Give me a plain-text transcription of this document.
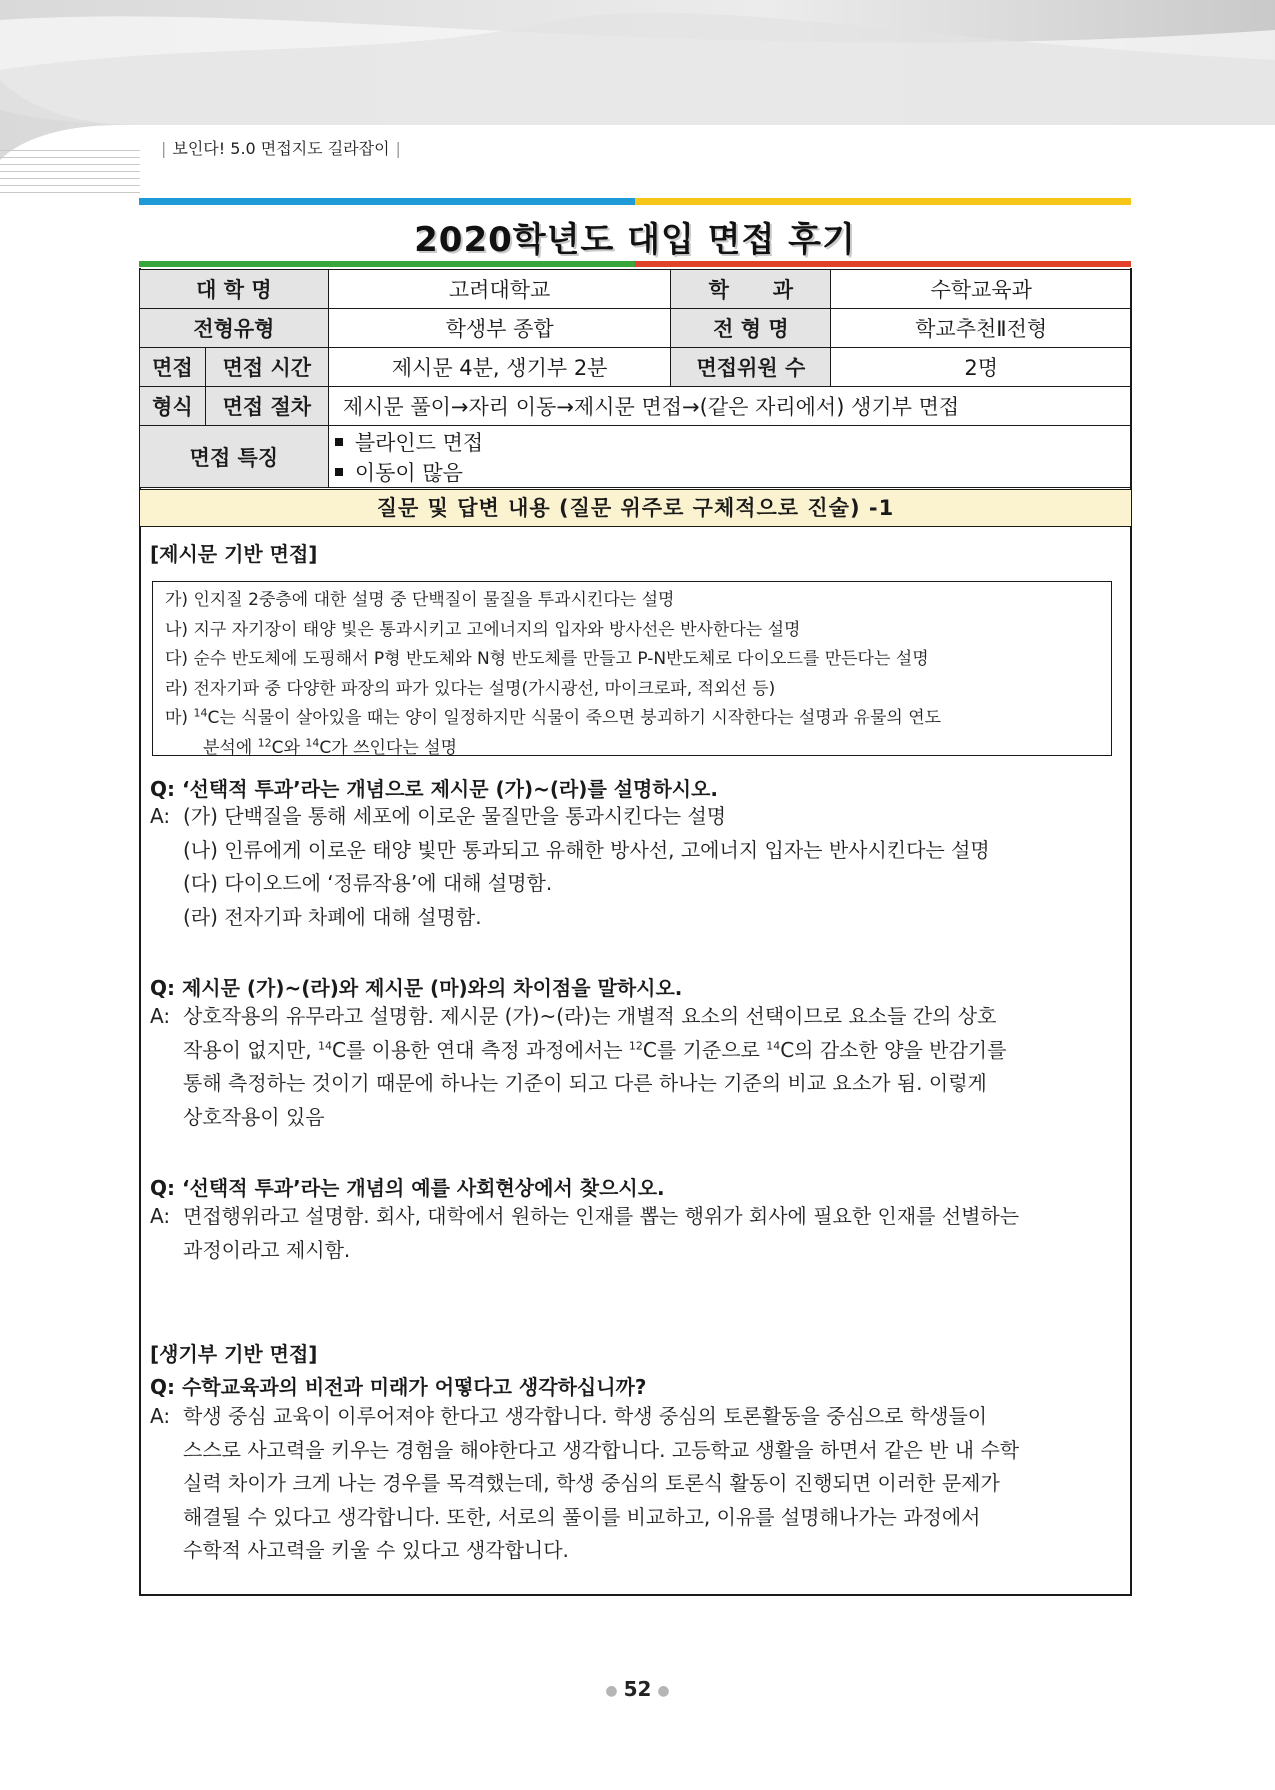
| 보인다! 5.0 면접지도 길라잡이 |
2020학년도 대입 면접 후기
대 학 명		고려대학교	학      과	수학교육과
전형유형		학생부 종합	전 형 명	학교추천Ⅱ전형
면접	면접 시간	제시문 4분, 생기부 2분	면접위원 수	2명
형식	면접 절차	제시문 풀이→자리 이동→제시문 면접→(같은 자리에서) 생기부 면접		
면접 특징		블라인드 면접
이동이 많음		
질문 및 답변 내용 (질문 위주로 구체적으로 진술) -1
[제시문 기반 면접]
가) 인지질 2중층에 대한 설명 중 단백질이 물질을 투과시킨다는 설명
나) 지구 자기장이 태양 빛은 통과시키고 고에너지의 입자와 방사선은 반사한다는 설명
다) 순수 반도체에 도핑해서 P형 반도체와 N형 반도체를 만들고 P-N반도체로 다이오드를 만든다는 설명
라) 전자기파 중 다양한 파장의 파가 있다는 설명(가시광선, 마이크로파, 적외선 등)
마) $^{14}$C는 식물이 살아있을 때는 양이 일정하지만 식물이 죽으면 붕괴하기 시작한다는 설명과 유물의 연도
분석에 $^{12}$C와 $^{14}$C가 쓰인다는 설명
Q: ‘선택적 투과’라는 개념으로 제시문 (가)~(라)를 설명하시오.
A: (가) 단백질을 통해 세포에 이로운 물질만을 통과시킨다는 설명
(나) 인류에게 이로운 태양 빛만 통과되고 유해한 방사선, 고에너지 입자는 반사시킨다는 설명
(다) 다이오드에 ‘정류작용’에 대해 설명함.
(라) 전자기파 차폐에 대해 설명함.
Q: 제시문 (가)~(라)와 제시문 (마)와의 차이점을 말하시오.
A: 상호작용의 유무라고 설명함. 제시문 (가)~(라)는 개별적 요소의 선택이므로 요소들 간의 상호
작용이 없지만, $^{14}$C를 이용한 연대 측정 과정에서는 $^{12}$C를 기준으로 $^{14}$C의 감소한 양을 반감기를
통해 측정하는 것이기 때문에 하나는 기준이 되고 다른 하나는 기준의 비교 요소가 됨. 이렇게
상호작용이 있음
Q: ‘선택적 투과’라는 개념의 예를 사회현상에서 찾으시오.
A: 면접행위라고 설명함. 회사, 대학에서 원하는 인재를 뽑는 행위가 회사에 필요한 인재를 선별하는
과정이라고 제시함.
[생기부 기반 면접]
Q: 수학교육과의 비전과 미래가 어떻다고 생각하십니까?
A: 학생 중심 교육이 이루어져야 한다고 생각합니다. 학생 중심의 토론활동을 중심으로 학생들이
스스로 사고력을 키우는 경험을 해야한다고 생각합니다. 고등학교 생활을 하면서 같은 반 내 수학
실력 차이가 크게 나는 경우를 목격했는데, 학생 중심의 토론식 활동이 진행되면 이러한 문제가
해결될 수 있다고 생각합니다. 또한, 서로의 풀이를 비교하고, 이유를 설명해나가는 과정에서
수학적 사고력을 키울 수 있다고 생각합니다.
● 52 ●
